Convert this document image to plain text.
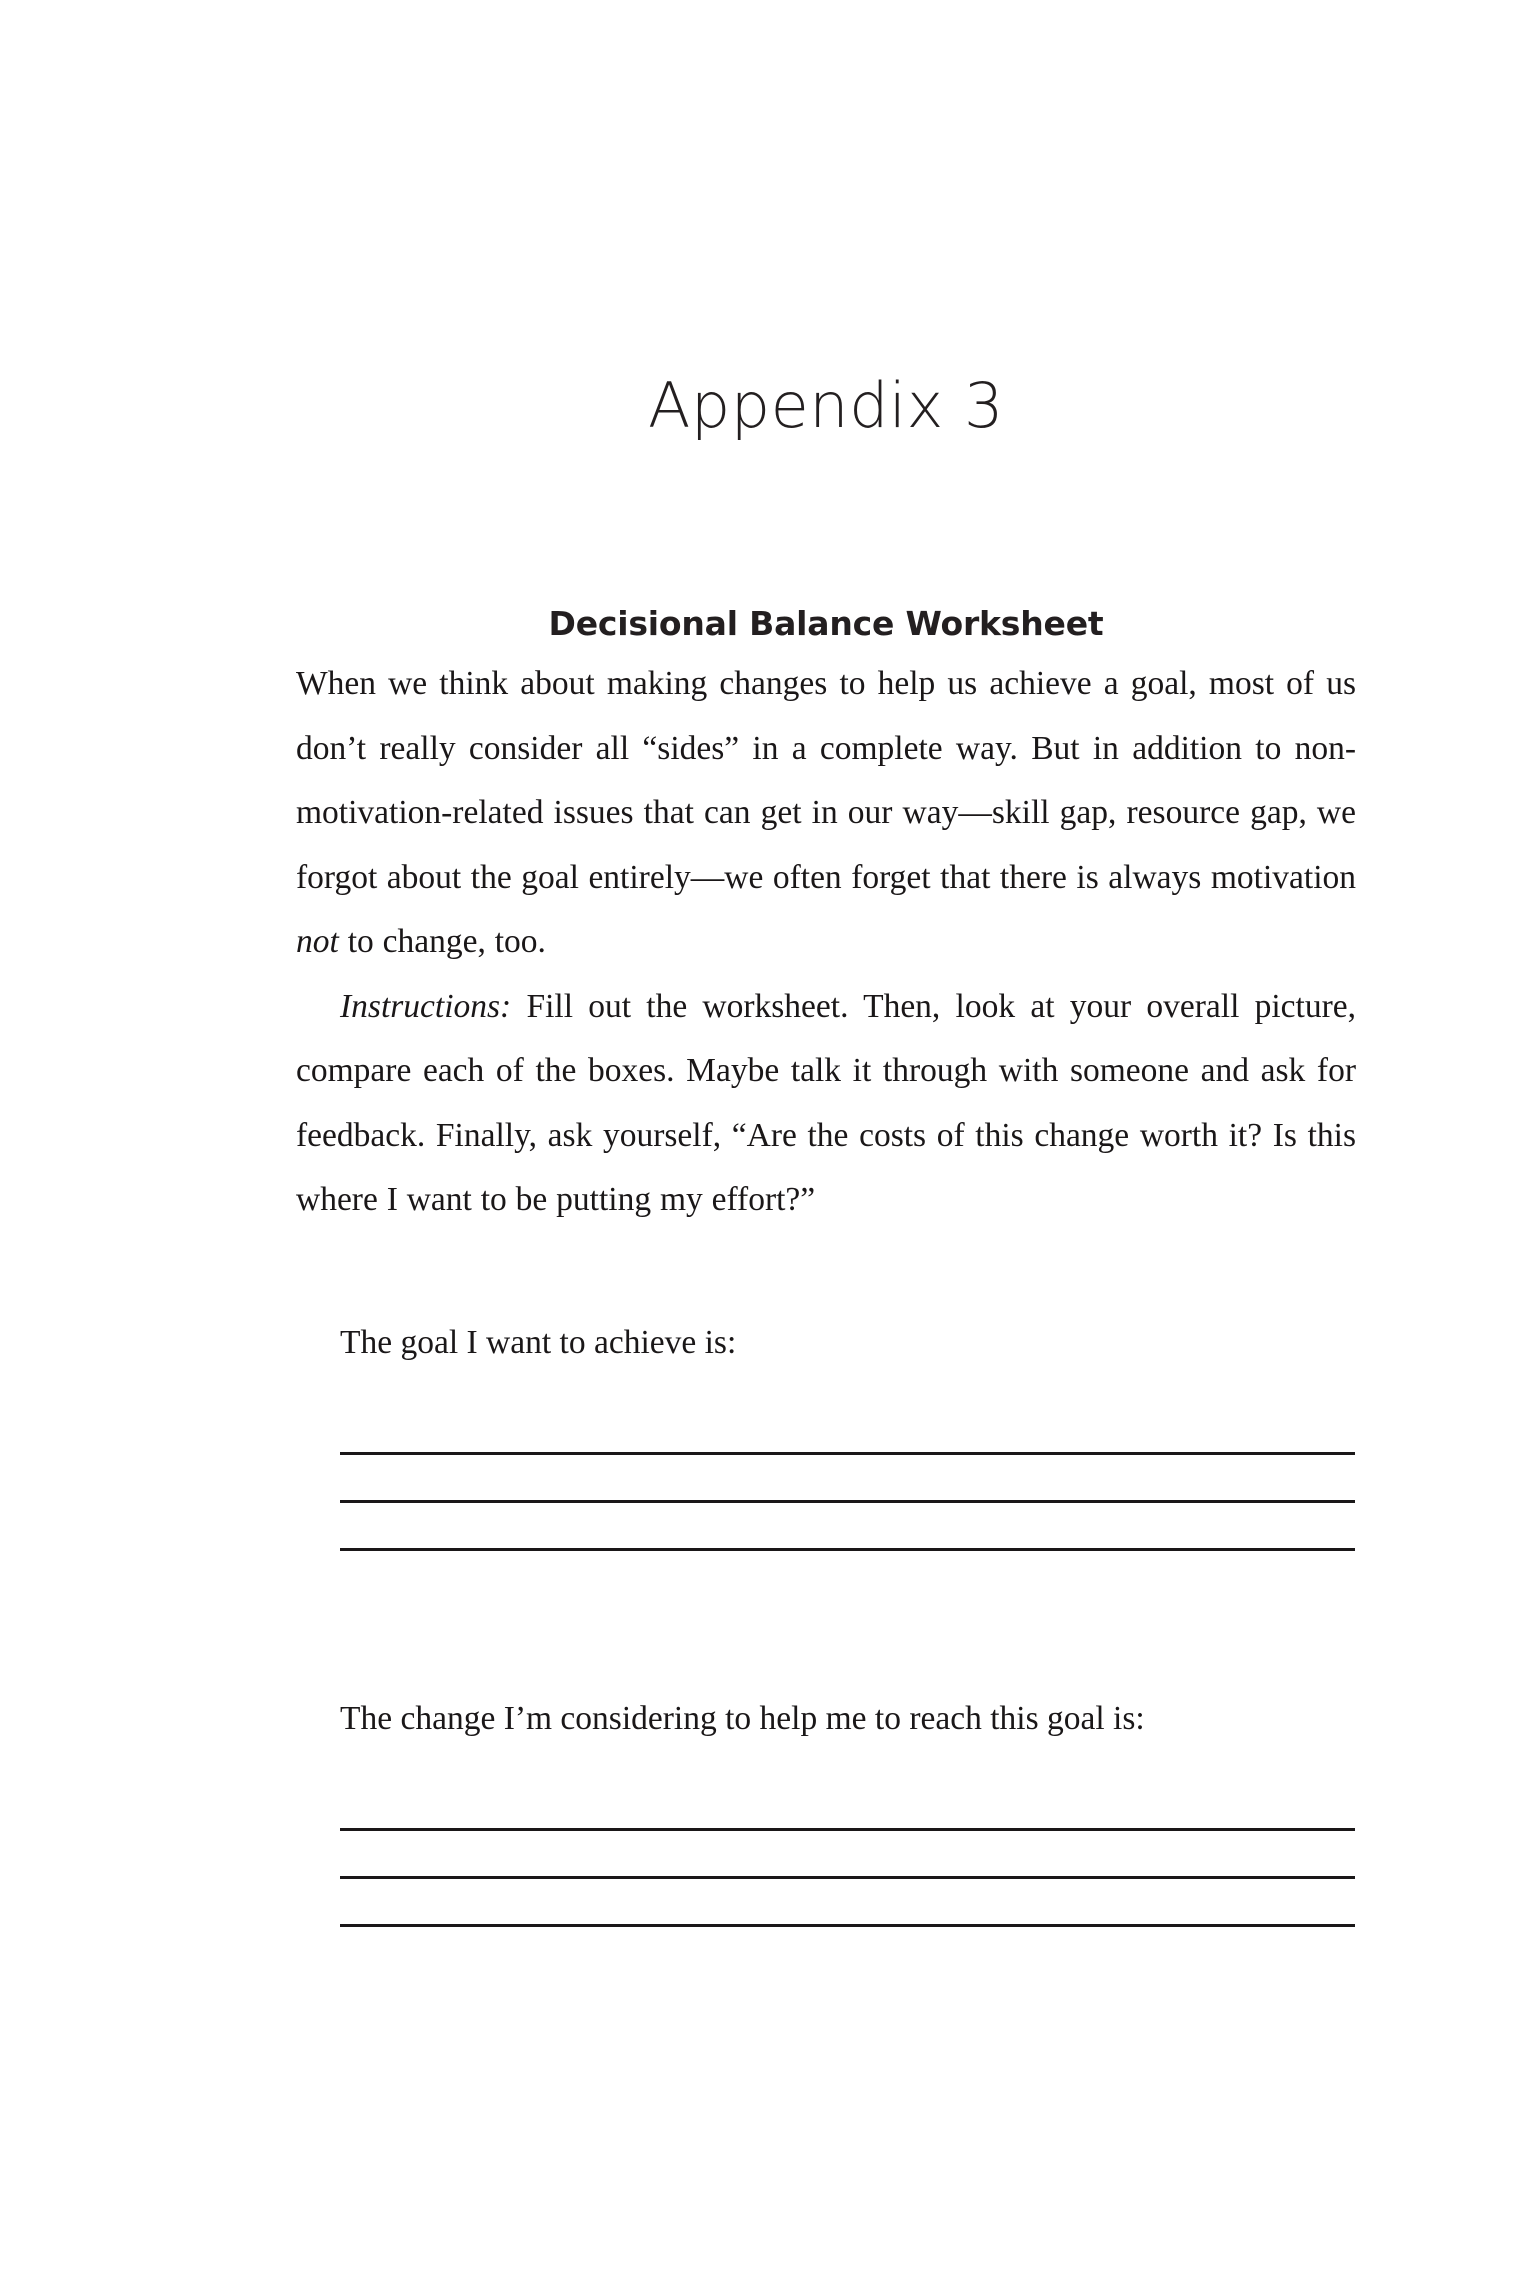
Appendix 3
Decisional Balance Worksheet

When we think about making changes to help us achieve a goal, most of us don’t really consider all “sides” in a complete way. But in addition to non-motivation-related issues that can get in our way—skill gap, resource gap, we forgot about the goal entirely—we often forget that there is always motivation not to change, too.

Instructions: Fill out the worksheet. Then, look at your overall picture, compare each of the boxes. Maybe talk it through with someone and ask for feedback. Finally, ask yourself, “Are the costs of this change worth it? Is this where I want to be putting my effort?”

The goal I want to achieve is:

The change I’m considering to help me to reach this goal is:
